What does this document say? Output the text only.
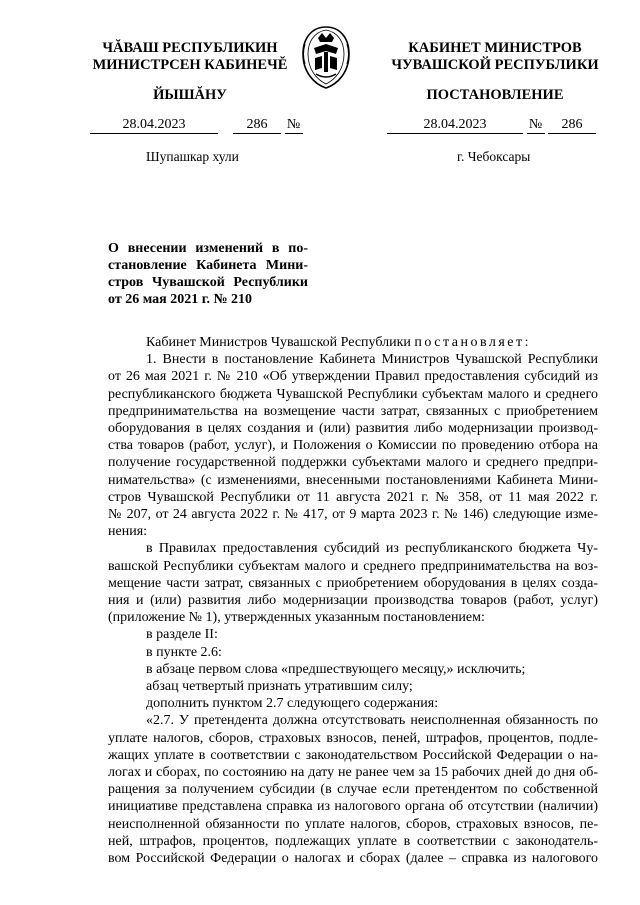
ЧĂВАШ РЕСПУБЛИКИН
МИНИСТРСЕН КАБИНЕЧĔ
КАБИНЕТ МИНИСТРОВ
ЧУВАШСКОЙ РЕСПУБЛИКИ
ЙЫШĂНУ	ПОСТАНОВЛЕНИЕ
28.04.2023	286 №	28.04.2023	№ 286
Шупашкар хули	г. Чебоксары
О внесении изменений в по-
становление Кабинета Мини-
стров Чувашской Республики
от 26 мая 2021 г. № 210
Кабинет Министров Чувашской Республики постановляет:
1. Внести в постановление Кабинета Министров Чувашской Республики
от 26 мая 2021 г. № 210 «Об утверждении Правил предоставления субсидий из
республиканского бюджета Чувашской Республики субъектам малого и среднего
предпринимательства на возмещение части затрат, связанных с приобретением
оборудования в целях создания и (или) развития либо модернизации производ-
ства товаров (работ, услуг), и Положения о Комиссии по проведению отбора на
получение государственной поддержки субъектами малого и среднего предпри-
нимательства» (с изменениями, внесенными постановлениями Кабинета Мини-
стров Чувашской Республики от 11 августа 2021 г. № 358, от 11 мая 2022 г.
№ 207, от 24 августа 2022 г. № 417, от 9 марта 2023 г. № 146) следующие изме-
нения:
в Правилах предоставления субсидий из республиканского бюджета Чу-
вашской Республики субъектам малого и среднего предпринимательства на воз-
мещение части затрат, связанных с приобретением оборудования в целях созда-
ния и (или) развития либо модернизации производства товаров (работ, услуг)
(приложение № 1), утвержденных указанным постановлением:
в разделе II:
в пункте 2.6:
в абзаце первом слова «предшествующего месяцу,» исключить;
абзац четвертый признать утратившим силу;
дополнить пунктом 2.7 следующего содержания:
«2.7. У претендента должна отсутствовать неисполненная обязанность по
уплате налогов, сборов, страховых взносов, пеней, штрафов, процентов, подле-
жащих уплате в соответствии с законодательством Российской Федерации о на-
логах и сборах, по состоянию на дату не ранее чем за 15 рабочих дней до дня об-
ращения за получением субсидии (в случае если претендентом по собственной
инициативе представлена справка из налогового органа об отсутствии (наличии)
неисполненной обязанности по уплате налогов, сборов, страховых взносов, пе-
ней, штрафов, процентов, подлежащих уплате в соответствии с законодатель-
вом Российской Федерации о налогах и сборах (далее – справка из налогового
